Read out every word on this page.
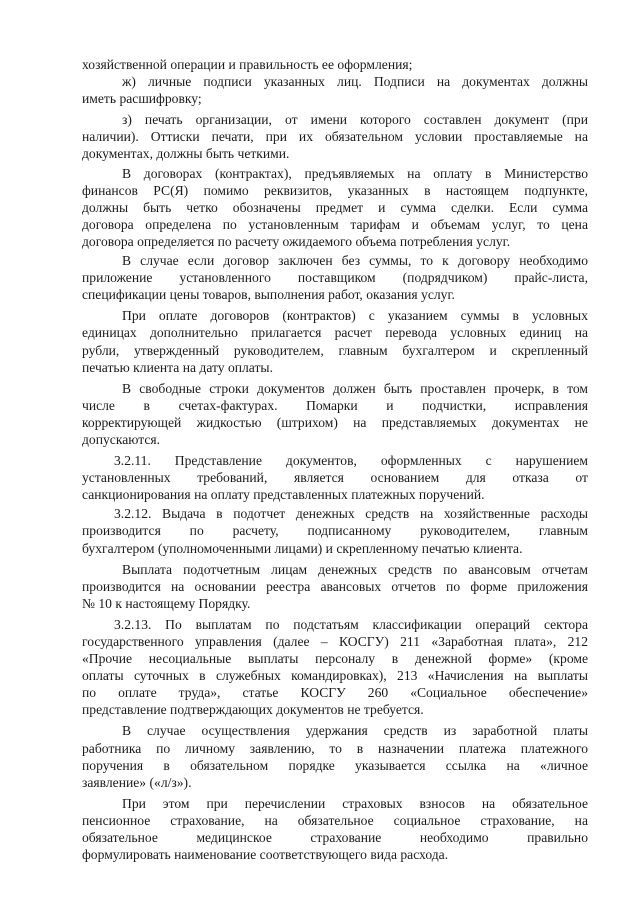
хозяйственной операции и правильность ее оформления;
ж) личные подписи указанных лиц. Подписи на документах должны
иметь расшифровку;
з) печать организации, от имени которого составлен документ (при
наличии). Оттиски печати, при их обязательном условии проставляемые на
документах, должны быть четкими.
В договорах (контрактах), предъявляемых на оплату в Министерство
финансов РС(Я) помимо реквизитов, указанных в настоящем подпункте,
должны быть четко обозначены предмет и сумма сделки. Если сумма
договора определена по установленным тарифам и объемам услуг, то цена
договора определяется по расчету ожидаемого объема потребления услуг.
В случае если договор заключен без суммы, то к договору необходимо
приложение установленного поставщиком (подрядчиком) прайс-листа,
спецификации цены товаров, выполнения работ, оказания услуг.
При оплате договоров (контрактов) с указанием суммы в условных
единицах дополнительно прилагается расчет перевода условных единиц на
рубли, утвержденный руководителем, главным бухгалтером и скрепленный
печатью клиента на дату оплаты.
В свободные строки документов должен быть проставлен прочерк, в том
числе в счетах-фактурах. Помарки и подчистки, исправления
корректирующей жидкостью (штрихом) на представляемых документах не
допускаются.
3.2.11. Представление документов, оформленных с нарушением
установленных требований, является основанием для отказа от
санкционирования на оплату представленных платежных поручений.
3.2.12. Выдача в подотчет денежных средств на хозяйственные расходы
производится по расчету, подписанному руководителем, главным
бухгалтером (уполномоченными лицами) и скрепленному печатью клиента.
Выплата подотчетным лицам денежных средств по авансовым отчетам
производится на основании реестра авансовых отчетов по форме приложения
№ 10 к настоящему Порядку.
3.2.13. По выплатам по подстатьям классификации операций сектора
государственного управления (далее – КОСГУ) 211 «Заработная плата», 212
«Прочие несоциальные выплаты персоналу в денежной форме» (кроме
оплаты суточных в служебных командировках), 213 «Начисления на выплаты
по оплате труда», статье КОСГУ 260 «Социальное обеспечение»
представление подтверждающих документов не требуется.
В случае осуществления удержания средств из заработной платы
работника по личному заявлению, то в назначении платежа платежного
поручения в обязательном порядке указывается ссылка на «личное
заявление» («л/з»).
При этом при перечислении страховых взносов на обязательное
пенсионное страхование, на обязательное социальное страхование, на
обязательное медицинское страхование необходимо правильно
формулировать наименование соответствующего вида расхода.
